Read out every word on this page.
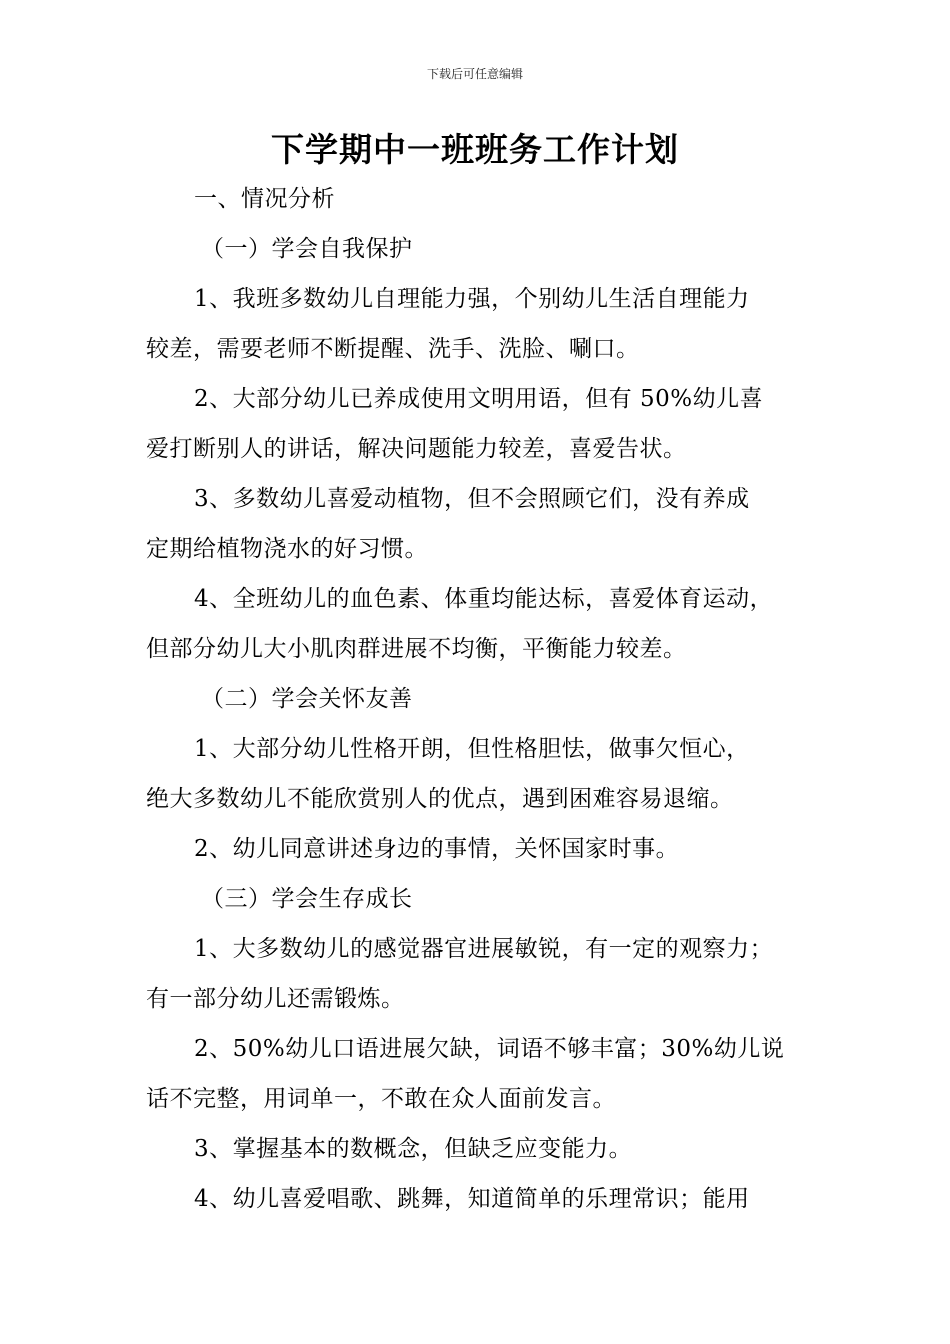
下载后可任意编辑
下学期中一班班务工作计划
一、情况分析
（一）学会自我保护
1、我班多数幼儿自理能力强，个别幼儿生活自理能力
较差，需要老师不断提醒、洗手、洗脸、唰口。
2、大部分幼儿已养成使用文明用语，但有 50%幼儿喜
爱打断别人的讲话，解决问题能力较差，喜爱告状。
3、多数幼儿喜爱动植物，但不会照顾它们，没有养成
定期给植物浇水的好习惯。
4、全班幼儿的血色素、体重均能达标，喜爱体育运动，
但部分幼儿大小肌肉群进展不均衡，平衡能力较差。
（二）学会关怀友善
1、大部分幼儿性格开朗，但性格胆怯，做事欠恒心，
绝大多数幼儿不能欣赏别人的优点，遇到困难容易退缩。
2、幼儿同意讲述身边的事情，关怀国家时事。
（三）学会生存成长
1、大多数幼儿的感觉器官进展敏锐，有一定的观察力；
有一部分幼儿还需锻炼。
2、50%幼儿口语进展欠缺，词语不够丰富；30%幼儿说
话不完整，用词单一，不敢在众人面前发言。
3、掌握基本的数概念，但缺乏应变能力。
4、幼儿喜爱唱歌、跳舞，知道简单的乐理常识；能用
